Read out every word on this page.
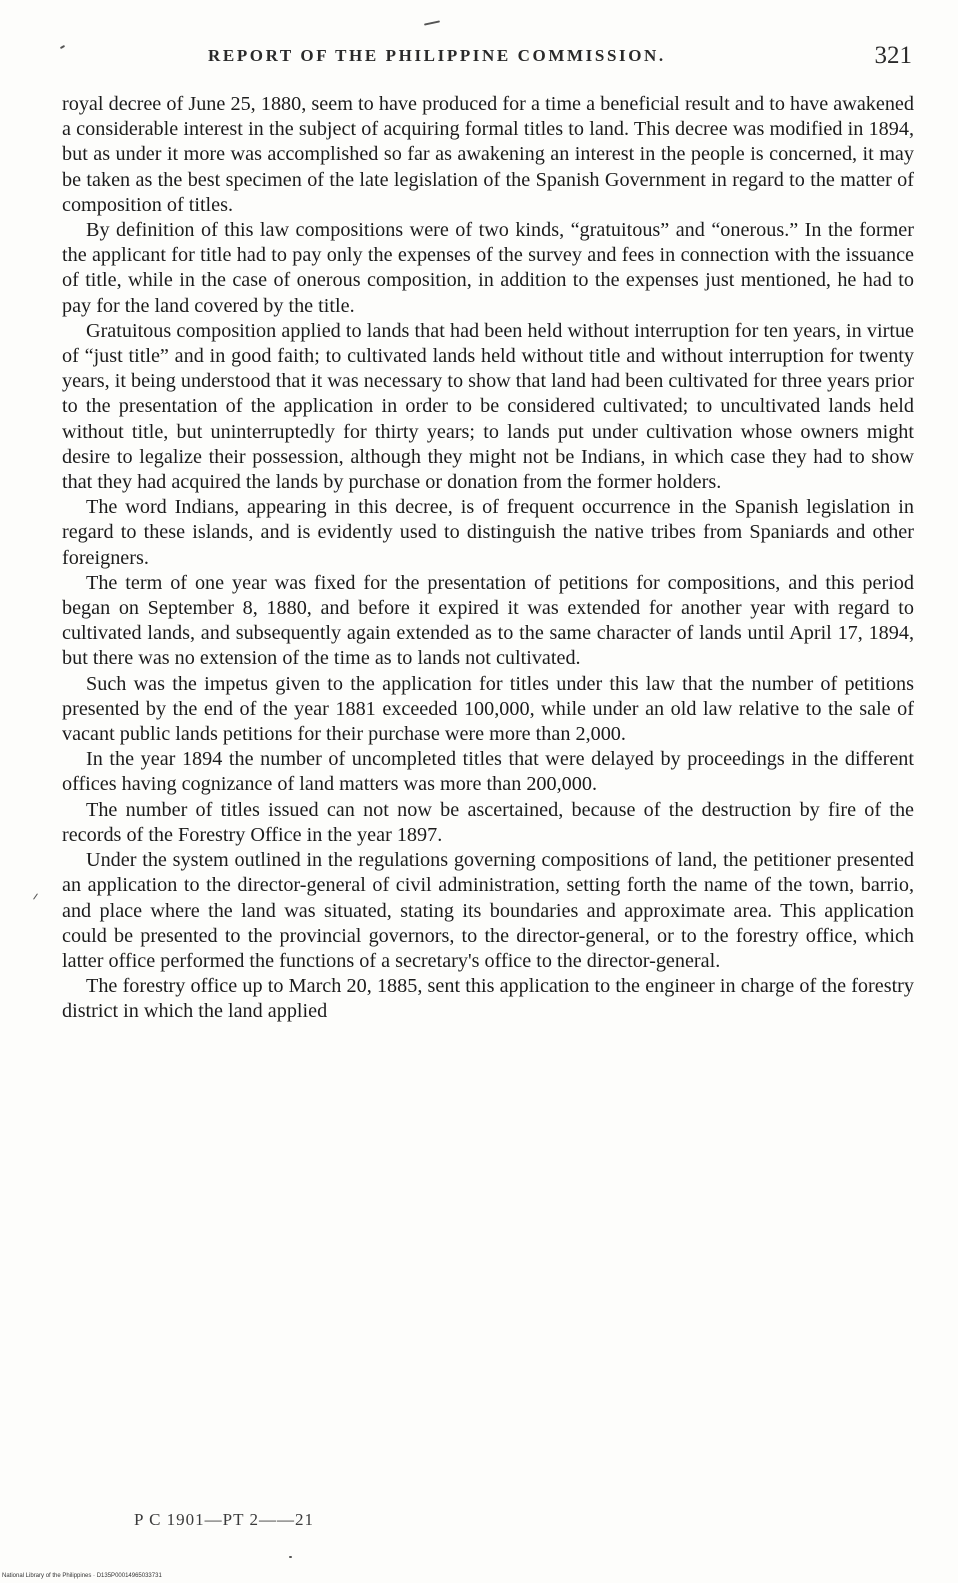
REPORT OF THE PHILIPPINE COMMISSION.	321

royal decree of June 25, 1880, seem to have produced for a time a beneficial result and to have awakened a considerable interest in the subject of acquiring formal titles to land. This decree was modified in 1894, but as under it more was accomplished so far as awakening an interest in the people is concerned, it may be taken as the best specimen of the late legislation of the Spanish Government in regard to the matter of composition of titles.

By definition of this law compositions were of two kinds, “gratuitous” and “onerous.” In the former the applicant for title had to pay only the expenses of the survey and fees in connection with the issuance of title, while in the case of onerous composition, in addition to the expenses just mentioned, he had to pay for the land covered by the title.

Gratuitous composition applied to lands that had been held without interruption for ten years, in virtue of “just title” and in good faith; to cultivated lands held without title and without interruption for twenty years, it being understood that it was necessary to show that land had been cultivated for three years prior to the presentation of the application in order to be considered cultivated; to uncultivated lands held without title, but uninterruptedly for thirty years; to lands put under cultivation whose owners might desire to legalize their possession, although they might not be Indians, in which case they had to show that they had acquired the lands by purchase or donation from the former holders.

The word Indians, appearing in this decree, is of frequent occurrence in the Spanish legislation in regard to these islands, and is evidently used to distinguish the native tribes from Spaniards and other foreigners.

The term of one year was fixed for the presentation of petitions for compositions, and this period began on September 8, 1880, and before it expired it was extended for another year with regard to cultivated lands, and subsequently again extended as to the same character of lands until April 17, 1894, but there was no extension of the time as to lands not cultivated.

Such was the impetus given to the application for titles under this law that the number of petitions presented by the end of the year 1881 exceeded 100,000, while under an old law relative to the sale of vacant public lands petitions for their purchase were more than 2,000.

In the year 1894 the number of uncompleted titles that were delayed by proceedings in the different offices having cognizance of land matters was more than 200,000.

The number of titles issued can not now be ascertained, because of the destruction by fire of the records of the Forestry Office in the year 1897.

Under the system outlined in the regulations governing compositions of land, the petitioner presented an application to the director-general of civil administration, setting forth the name of the town, barrio, and place where the land was situated, stating its boundaries and approximate area. This application could be presented to the provincial governors, to the director-general, or to the forestry office, which latter office performed the functions of a secretary's office to the director-general.

The forestry office up to March 20, 1885, sent this application to the engineer in charge of the forestry district in which the land applied

P C 1901—PT 2——21
National Library of the Philippines · D135P00014965033731
